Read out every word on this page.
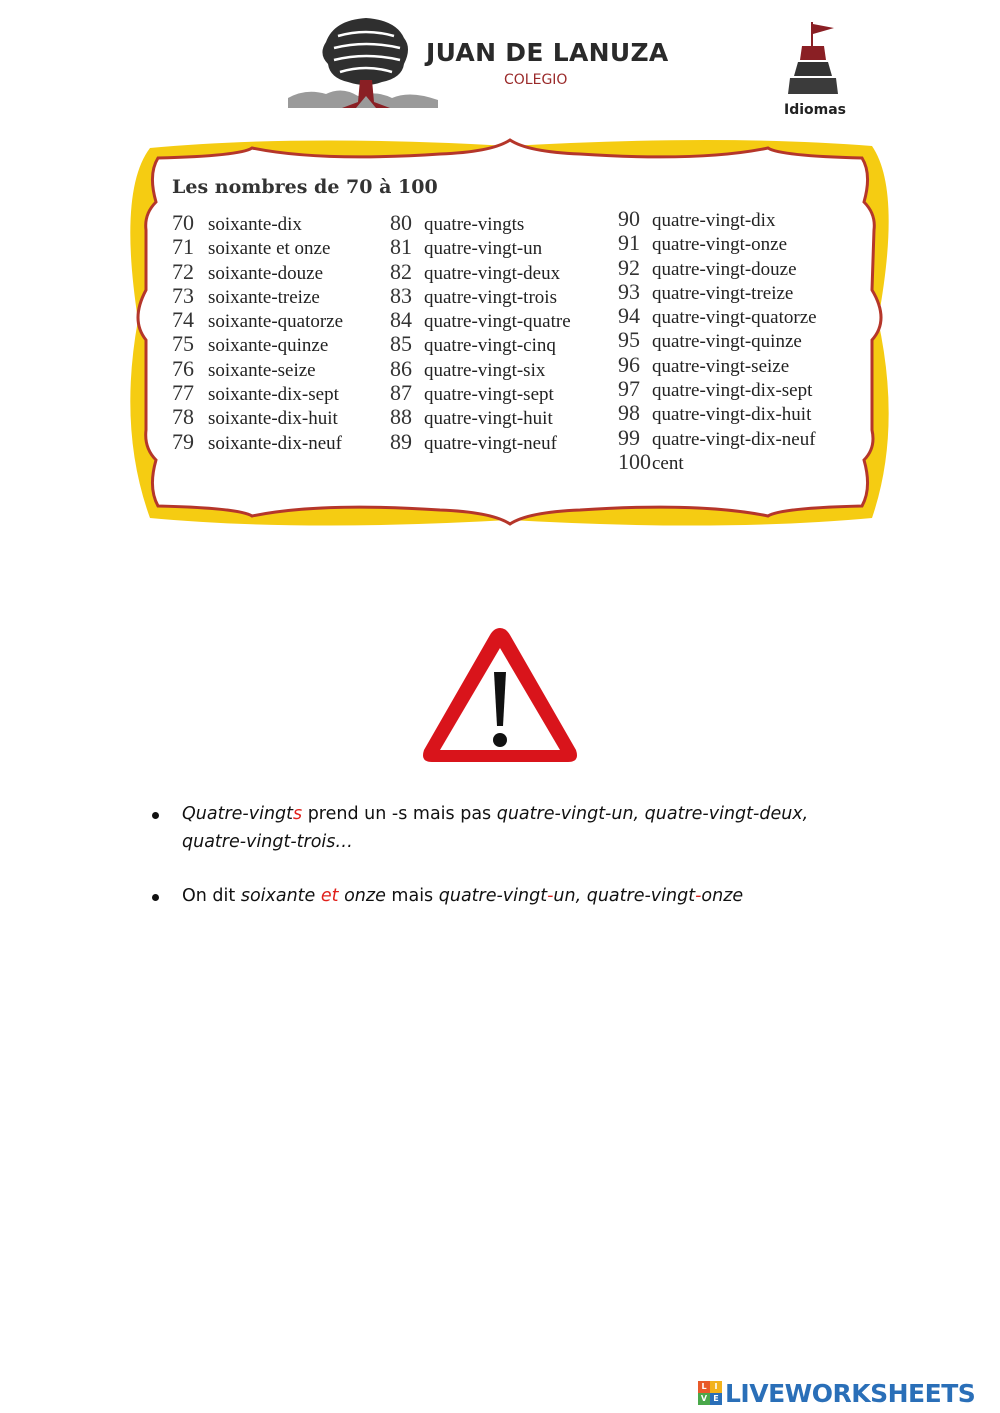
JUAN DE LANUZA
COLEGIO
Idiomas
Les nombres de 70 à 100
70 soixante-dix
71 soixante et onze
72 soixante-douze
73 soixante-treize
74 soixante-quatorze
75 soixante-quinze
76 soixante-seize
77 soixante-dix-sept
78 soixante-dix-huit
79 soixante-dix-neuf
80 quatre-vingts
81 quatre-vingt-un
82 quatre-vingt-deux
83 quatre-vingt-trois
84 quatre-vingt-quatre
85 quatre-vingt-cinq
86 quatre-vingt-six
87 quatre-vingt-sept
88 quatre-vingt-huit
89 quatre-vingt-neuf
90 quatre-vingt-dix
91 quatre-vingt-onze
92 quatre-vingt-douze
93 quatre-vingt-treize
94 quatre-vingt-quatorze
95 quatre-vingt-quinze
96 quatre-vingt-seize
97 quatre-vingt-dix-sept
98 quatre-vingt-dix-huit
99 quatre-vingt-dix-neuf
100 cent
Quatre-vingts prend un -s mais pas quatre-vingt-un, quatre-vingt-deux,
quatre-vingt-trois…
On dit soixante et onze mais quatre-vingt-un, quatre-vingt-onze
L I
V E LIVEWORKSHEETS
